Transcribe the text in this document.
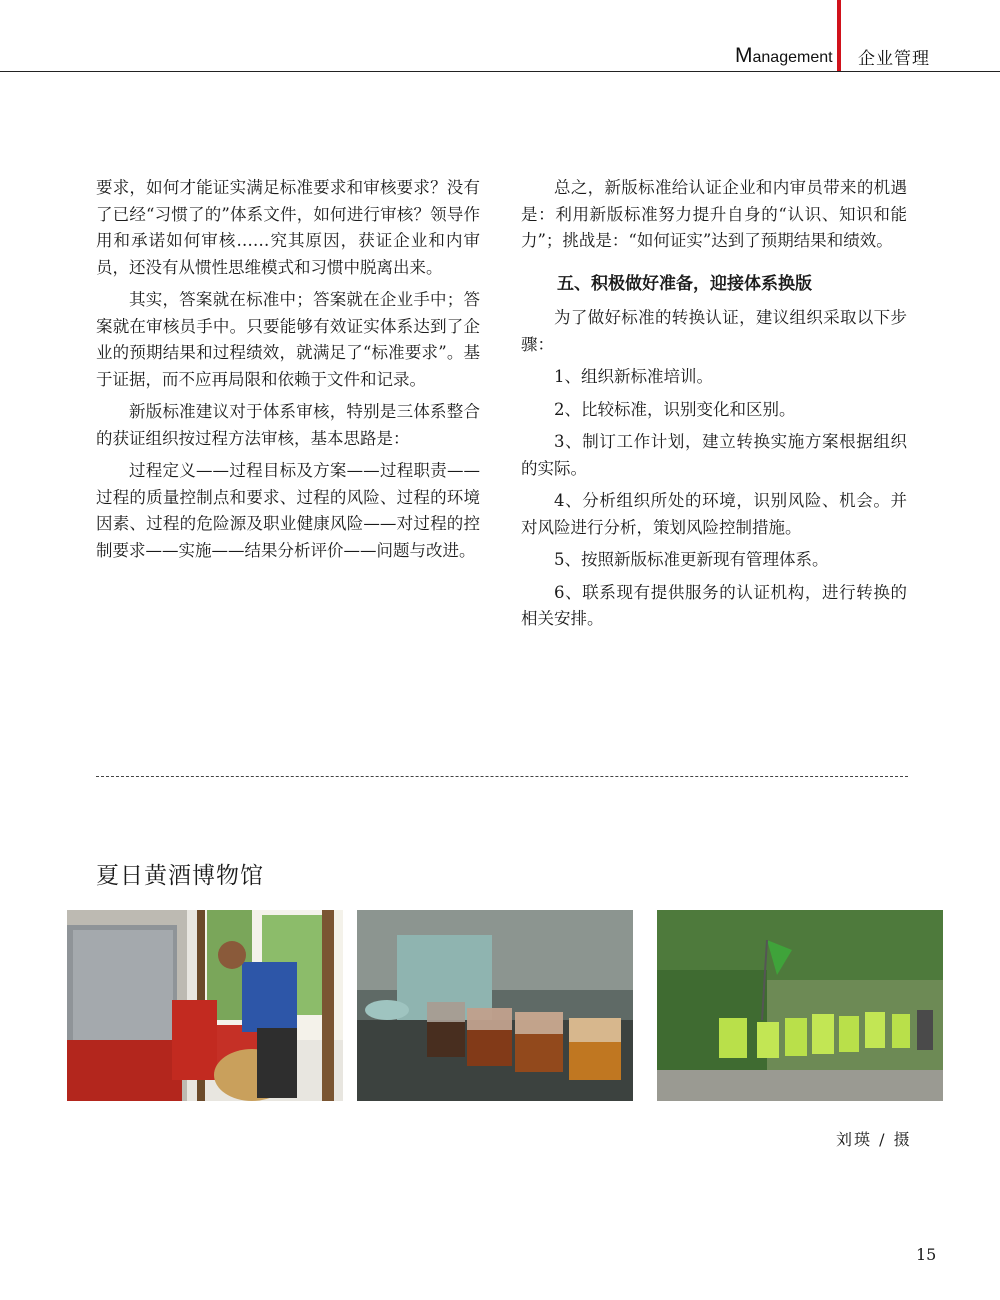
Management 企业管理

要求，如何才能证实满足标准要求和审核要求？没有了已经“习惯了的”体系文件，如何进行审核？领导作用和承诺如何审核……究其原因，获证企业和内审员，还没有从惯性思维模式和习惯中脱离出来。

其实，答案就在标准中；答案就在企业手中；答案就在审核员手中。只要能够有效证实体系达到了企业的预期结果和过程绩效，就满足了“标准要求”。基于证据，而不应再局限和依赖于文件和记录。

新版标准建议对于体系审核，特别是三体系整合的获证组织按过程方法审核，基本思路是：

过程定义——过程目标及方案——过程职责——过程的质量控制点和要求、过程的风险、过程的环境因素、过程的危险源及职业健康风险——对过程的控制要求——实施——结果分析评价——问题与改进。

总之，新版标准给认证企业和内审员带来的机遇是：利用新版标准努力提升自身的“认识、知识和能力”；挑战是：“如何证实”达到了预期结果和绩效。

五、积极做好准备，迎接体系换版

为了做好标准的转换认证，建议组织采取以下步骤：

1、组织新标准培训。

2、比较标准，识别变化和区别。

3、制订工作计划，建立转换实施方案根据组织的实际。

4、分析组织所处的环境，识别风险、机会。并对风险进行分析，策划风险控制措施。

5、按照新版标准更新现有管理体系。

6、联系现有提供服务的认证机构，进行转换的相关安排。

夏日黄酒博物馆
刘瑛 / 摄
15
